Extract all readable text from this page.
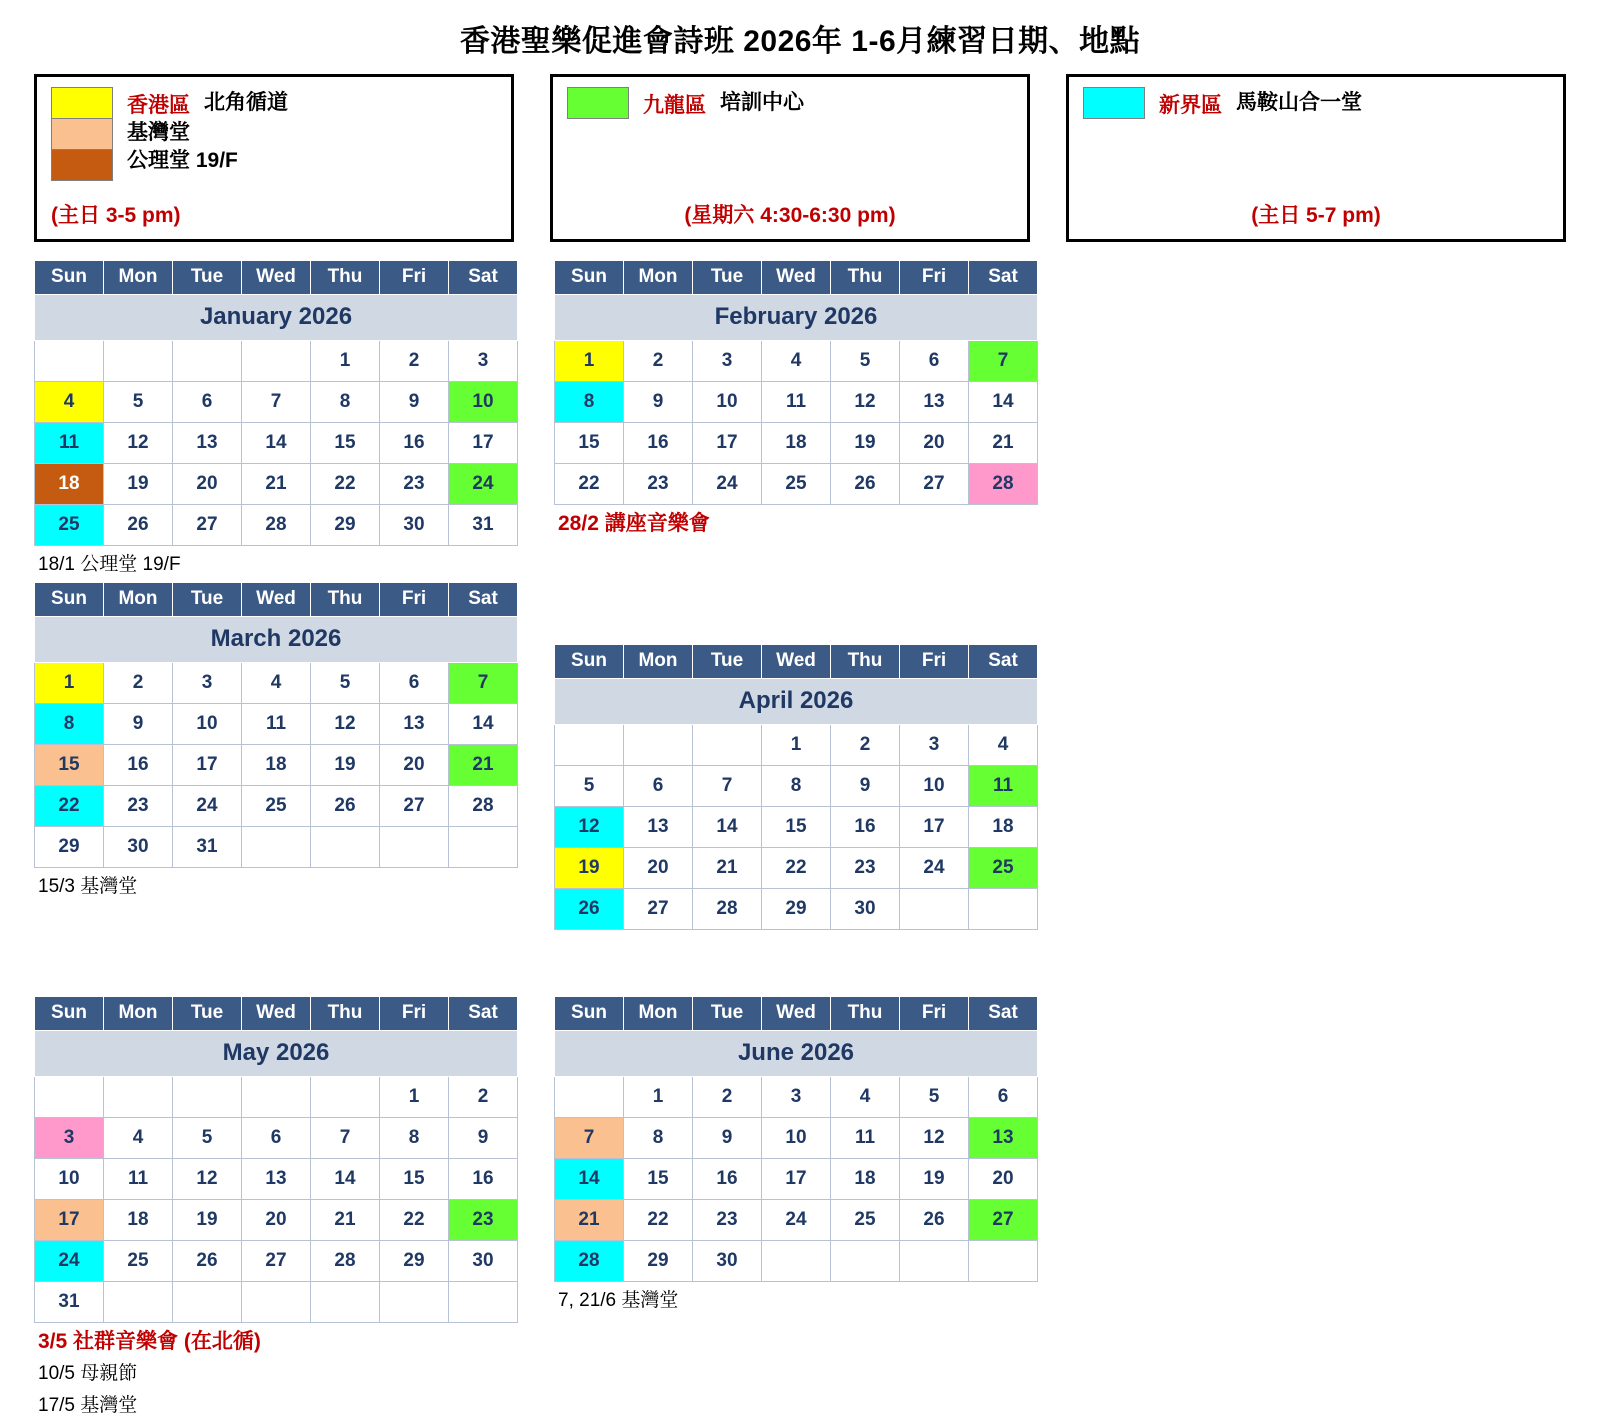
香港聖樂促進會詩班 2026年 1-6月練習日期、地點
香港區 北角循道
基灣堂
公理堂 19/F
(主日 3-5 pm)
九龍區 培訓中心
(星期六 4:30-6:30 pm)
新界區 馬鞍山合一堂
(主日 5-7 pm)
January 2026						
Sun	Mon	Tue	Wed	Thu	Fri	Sat
				1	2	3
4	5	6	7	8	9	10
11	12	13	14	15	16	17
18	19	20	21	22	23	24
25	26	27	28	29	30	31
18/1 公理堂 19/F
February 2026						
Sun	Mon	Tue	Wed	Thu	Fri	Sat
1	2	3	4	5	6	7
8	9	10	11	12	13	14
15	16	17	18	19	20	21
22	23	24	25	26	27	28
28/2 講座音樂會
March 2026						
Sun	Mon	Tue	Wed	Thu	Fri	Sat
1	2	3	4	5	6	7
8	9	10	11	12	13	14
15	16	17	18	19	20	21
22	23	24	25	26	27	28
29	30	31				
15/3 基灣堂
April 2026						
Sun	Mon	Tue	Wed	Thu	Fri	Sat
			1	2	3	4
5	6	7	8	9	10	11
12	13	14	15	16	17	18
19	20	21	22	23	24	25
26	27	28	29	30		
May 2026						
Sun	Mon	Tue	Wed	Thu	Fri	Sat
					1	2
3	4	5	6	7	8	9
10	11	12	13	14	15	16
17	18	19	20	21	22	23
24	25	26	27	28	29	30
31						
3/5 社群音樂會 (在北循)
10/5 母親節
17/5 基灣堂
June 2026						
Sun	Mon	Tue	Wed	Thu	Fri	Sat
	1	2	3	4	5	6
7	8	9	10	11	12	13
14	15	16	17	18	19	20
21	22	23	24	25	26	27
28	29	30				
7, 21/6 基灣堂
